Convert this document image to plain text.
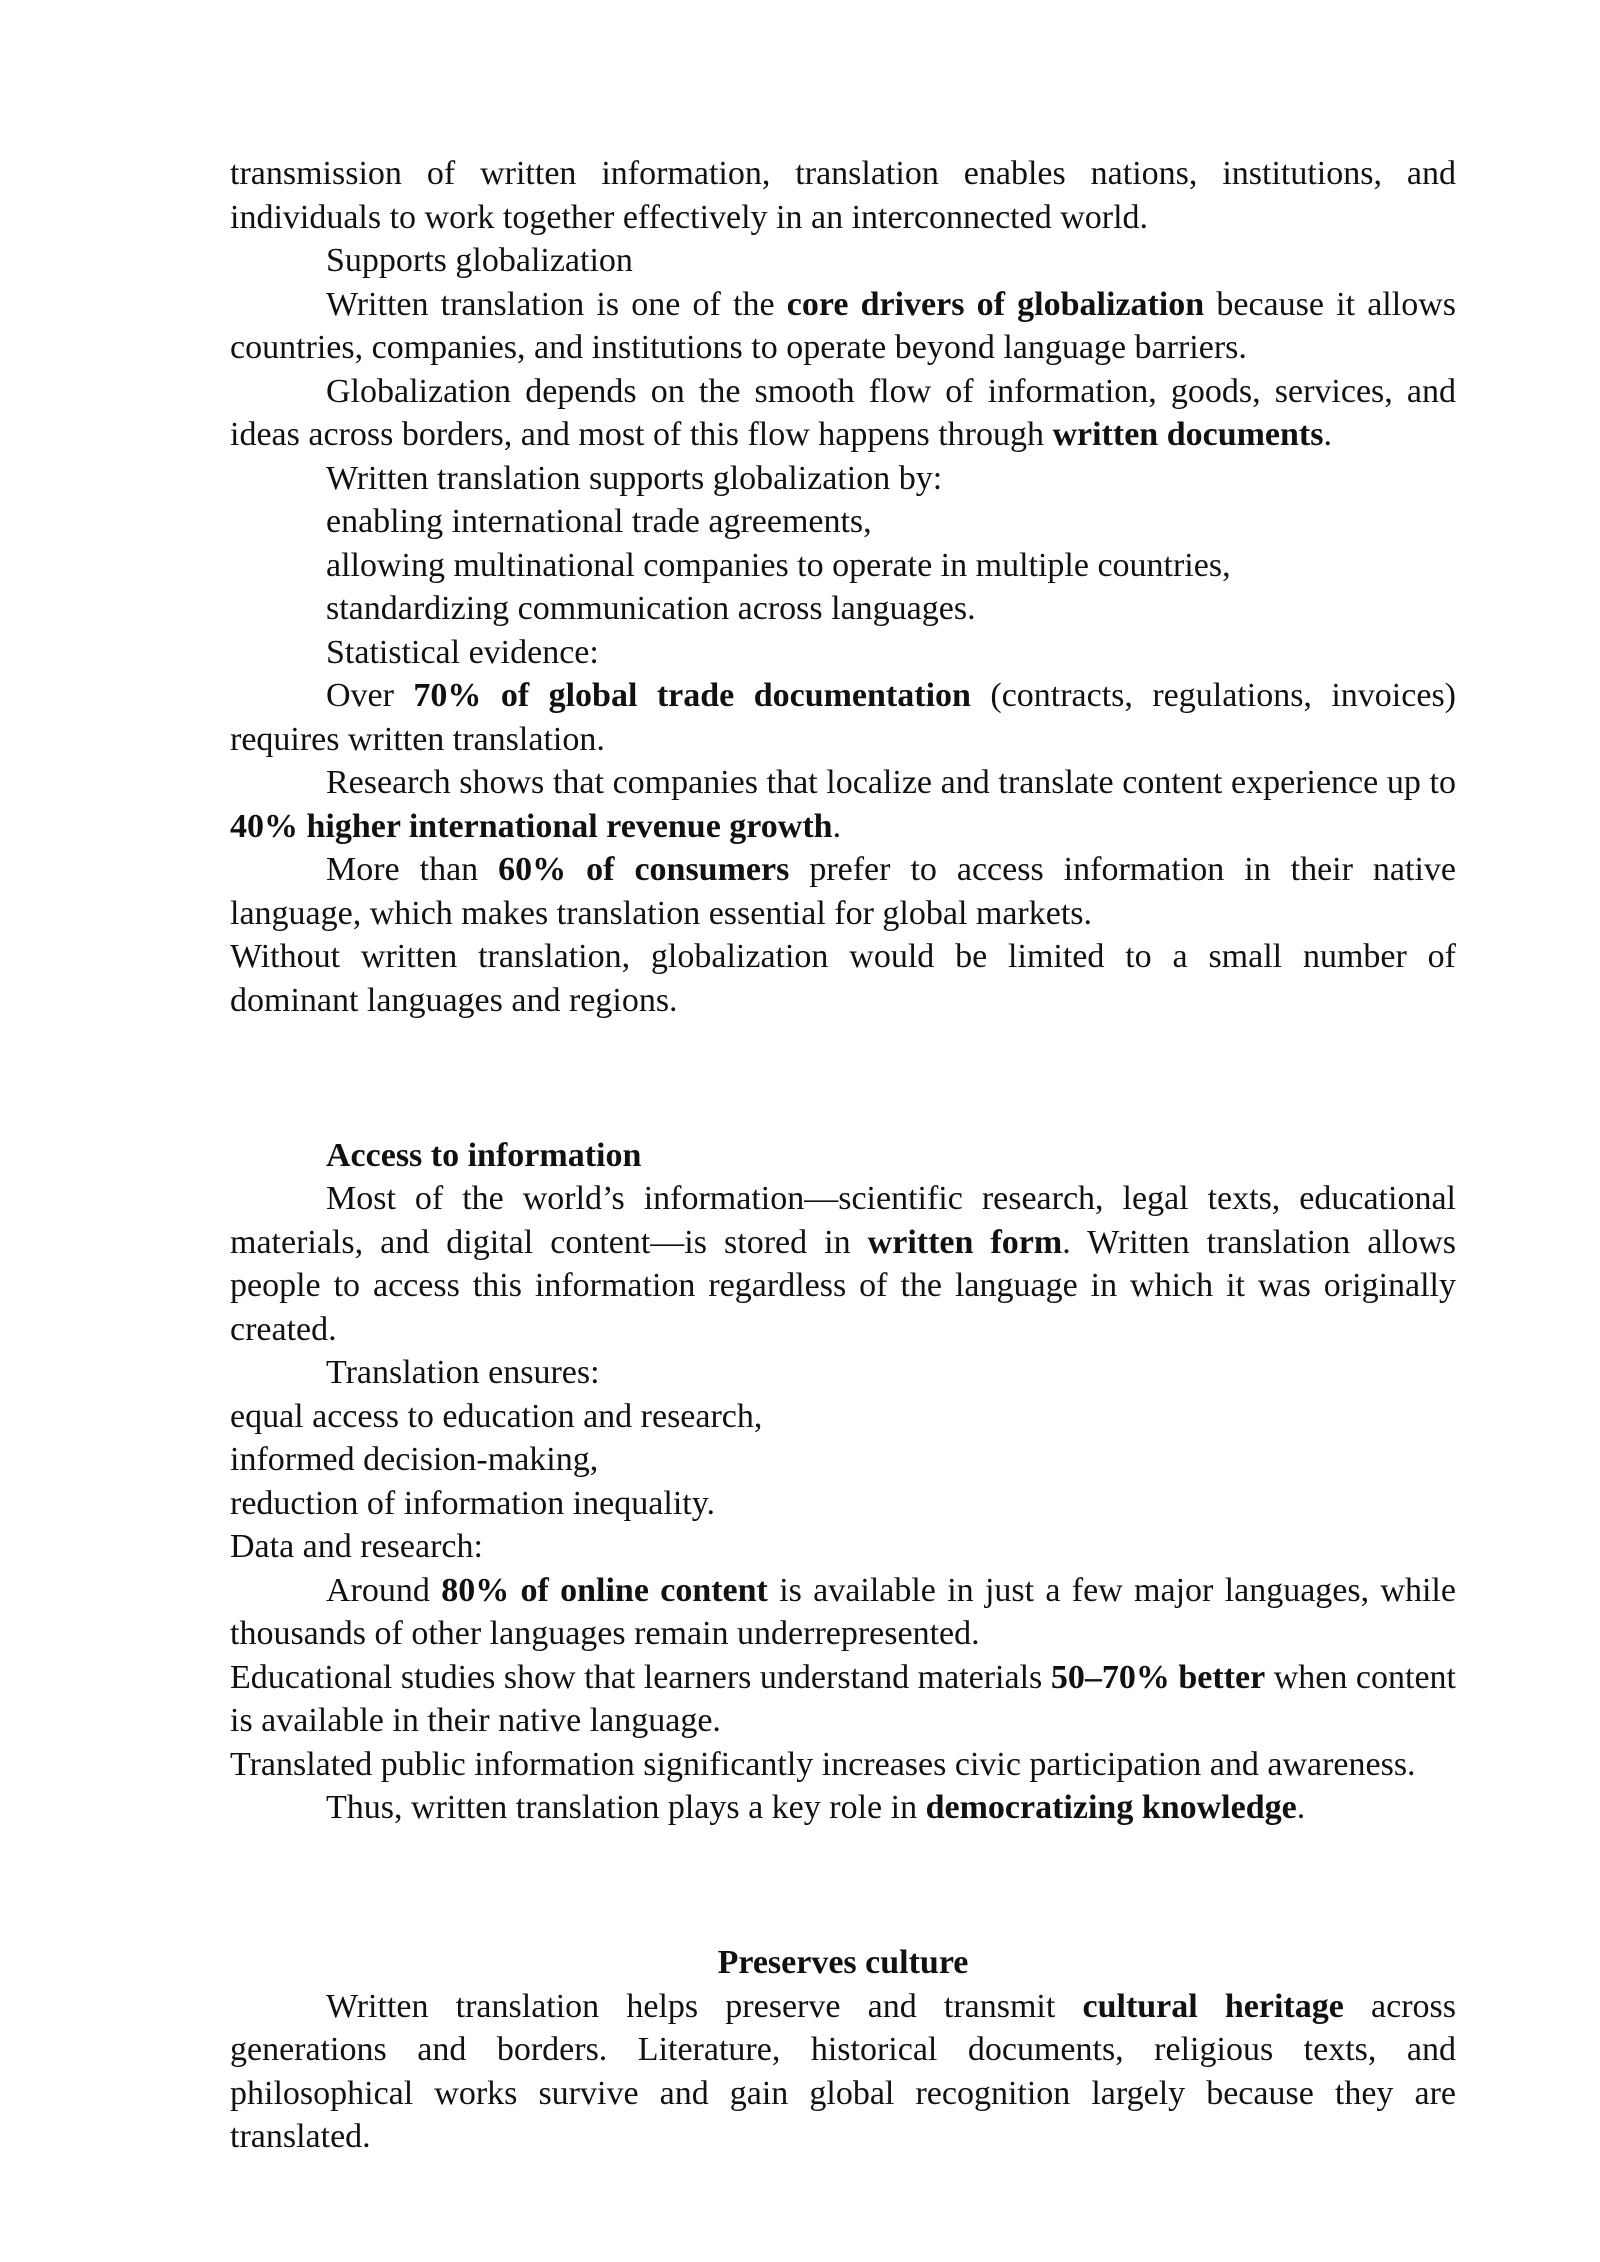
transmission of written information, translation enables nations, institutions, and individuals to work together effectively in an interconnected world.

Supports globalization

Written translation is one of the core drivers of globalization because it allows countries, companies, and institutions to operate beyond language barriers.

Globalization depends on the smooth flow of information, goods, services, and ideas across borders, and most of this flow happens through written documents.

Written translation supports globalization by:

enabling international trade agreements,

allowing multinational companies to operate in multiple countries,

standardizing communication across languages.

Statistical evidence:

Over 70% of global trade documentation (contracts, regulations, invoices) requires written translation.

Research shows that companies that localize and translate content experience up to 40% higher international revenue growth.

More than 60% of consumers prefer to access information in their native language, which makes translation essential for global markets.

Without written translation, globalization would be limited to a small number of dominant languages and regions.

Access to information

Most of the world’s information—scientific research, legal texts, educational materials, and digital content—is stored in written form. Written translation allows people to access this information regardless of the language in which it was originally created.

Translation ensures:

equal access to education and research,

informed decision-making,

reduction of information inequality.

Data and research:

Around 80% of online content is available in just a few major languages, while thousands of other languages remain underrepresented.

Educational studies show that learners understand materials 50–70% better when content is available in their native language.

Translated public information significantly increases civic participation and awareness.

Thus, written translation plays a key role in democratizing knowledge.

Preserves culture

Written translation helps preserve and transmit cultural heritage across generations and borders. Literature, historical documents, religious texts, and philosophical works survive and gain global recognition largely because they are translated.
